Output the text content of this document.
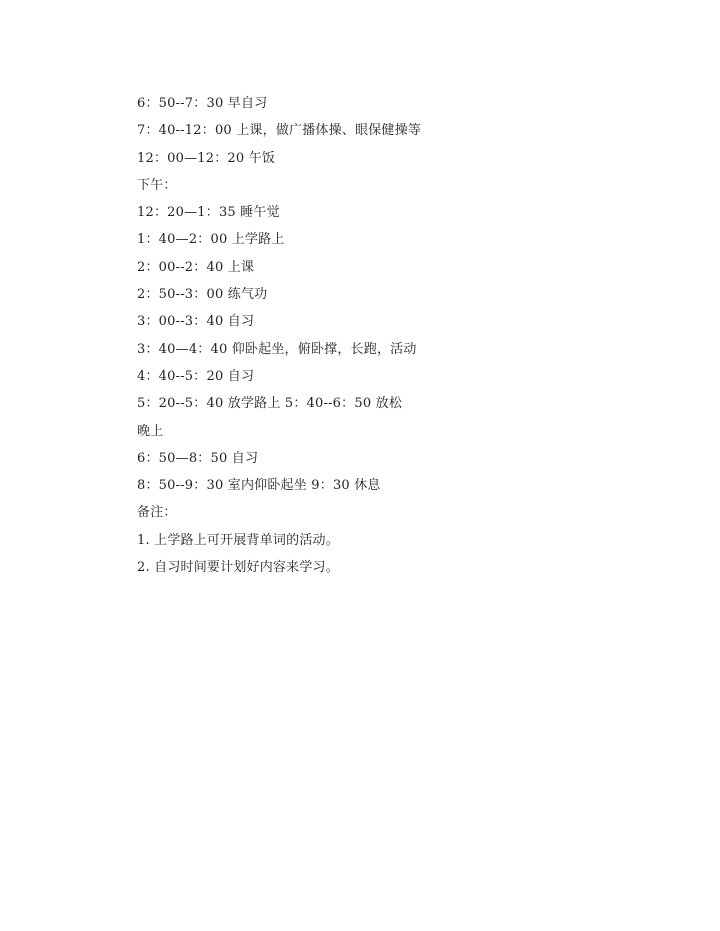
6：50--7：30 早自习
7：40--12：00 上课，做广播体操、眼保健操等
12：00—12：20 午饭
下午：
12：20—1：35 睡午觉
1：40—2：00 上学路上
2：00--2：40 上课
2：50--3：00 练气功
3：00--3：40 自习
3：40—4：40 仰卧起坐，俯卧撑，长跑，活动
4：40--5：20 自习
5：20--5：40 放学路上 5：40--6：50 放松
晚上
6：50—8：50 自习
8：50--9：30 室内仰卧起坐 9：30 休息
备注：
1. 上学路上可开展背单词的活动。
2. 自习时间要计划好内容来学习。
